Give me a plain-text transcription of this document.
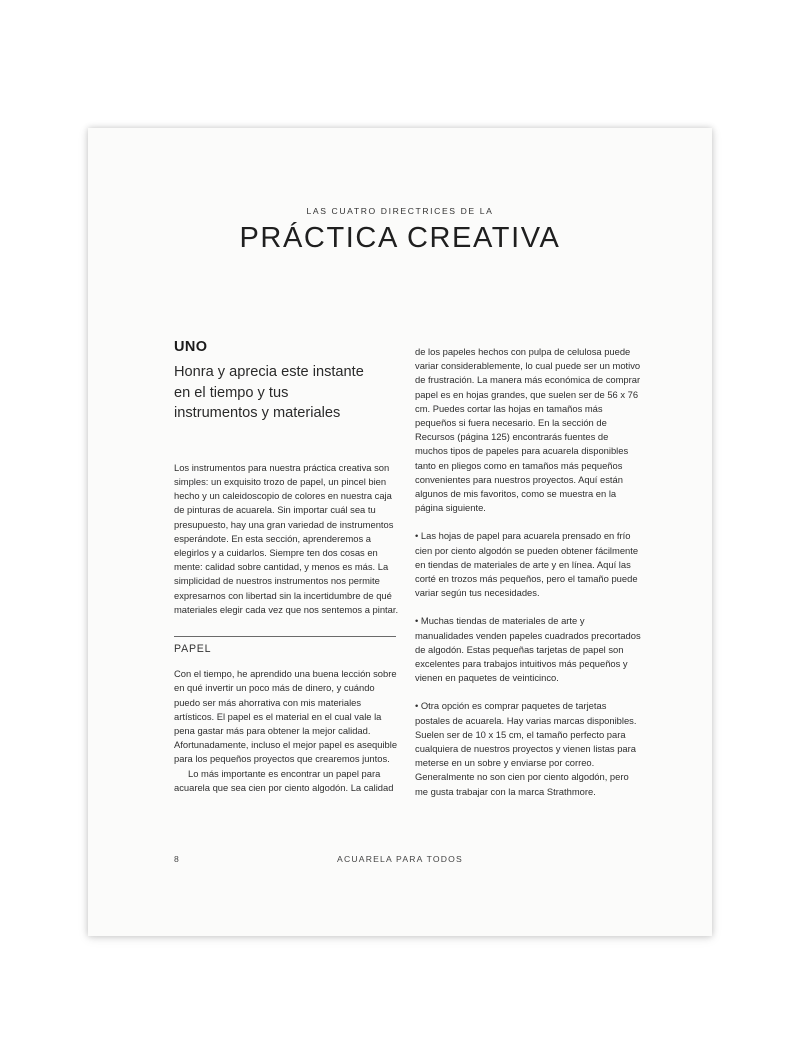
LAS CUATRO DIRECTRICES DE LA
PRÁCTICA CREATIVA
UNO
Honra y aprecia este instante en el tiempo y tus instrumentos y materiales

Los instrumentos para nuestra práctica creativa son simples: un exquisito trozo de papel, un pincel bien hecho y un caleidoscopio de colores en nuestra caja de pinturas de acuarela. Sin importar cuál sea tu presupuesto, hay una gran variedad de instrumentos esperándote. En esta sección, aprenderemos a elegirlos y a cuidarlos. Siempre ten dos cosas en mente: calidad sobre cantidad, y menos es más. La simplicidad de nuestros instrumentos nos permite expresarnos con libertad sin la incertidumbre de qué materiales elegir cada vez que nos sentemos a pintar.

PAPEL

Con el tiempo, he aprendido una buena lección sobre en qué invertir un poco más de dinero, y cuándo puedo ser más ahorrativa con mis materiales artísticos. El papel es el material en el cual vale la pena gastar más para obtener la mejor calidad. Afortunadamente, incluso el mejor papel es asequible para los pequeños proyectos que crearemos juntos.

Lo más importante es encontrar un papel para acuarela que sea cien por ciento algodón. La calidad

de los papeles hechos con pulpa de celulosa puede variar considerablemente, lo cual puede ser un motivo de frustración. La manera más económica de comprar papel es en hojas grandes, que suelen ser de 56 x 76 cm. Puedes cortar las hojas en tamaños más pequeños si fuera necesario. En la sección de Recursos (página 125) encontrarás fuentes de muchos tipos de papeles para acuarela disponibles tanto en pliegos como en tamaños más pequeños convenientes para nuestros proyectos. Aquí están algunos de mis favoritos, como se muestra en la página siguiente.

• Las hojas de papel para acuarela prensado en frío cien por ciento algodón se pueden obtener fácilmente en tiendas de materiales de arte y en línea. Aquí las corté en trozos más pequeños, pero el tamaño puede variar según tus necesidades.

• Muchas tiendas de materiales de arte y manualidades venden papeles cuadrados precortados de algodón. Estas pequeñas tarjetas de papel son excelentes para trabajos intuitivos más pequeños y vienen en paquetes de veinticinco.

• Otra opción es comprar paquetes de tarjetas postales de acuarela. Hay varias marcas disponibles. Suelen ser de 10 x 15 cm, el tamaño perfecto para cualquiera de nuestros proyectos y vienen listas para meterse en un sobre y enviarse por correo. Generalmente no son cien por ciento algodón, pero me gusta trabajar con la marca Strathmore.

8	ACUARELA PARA TODOS
